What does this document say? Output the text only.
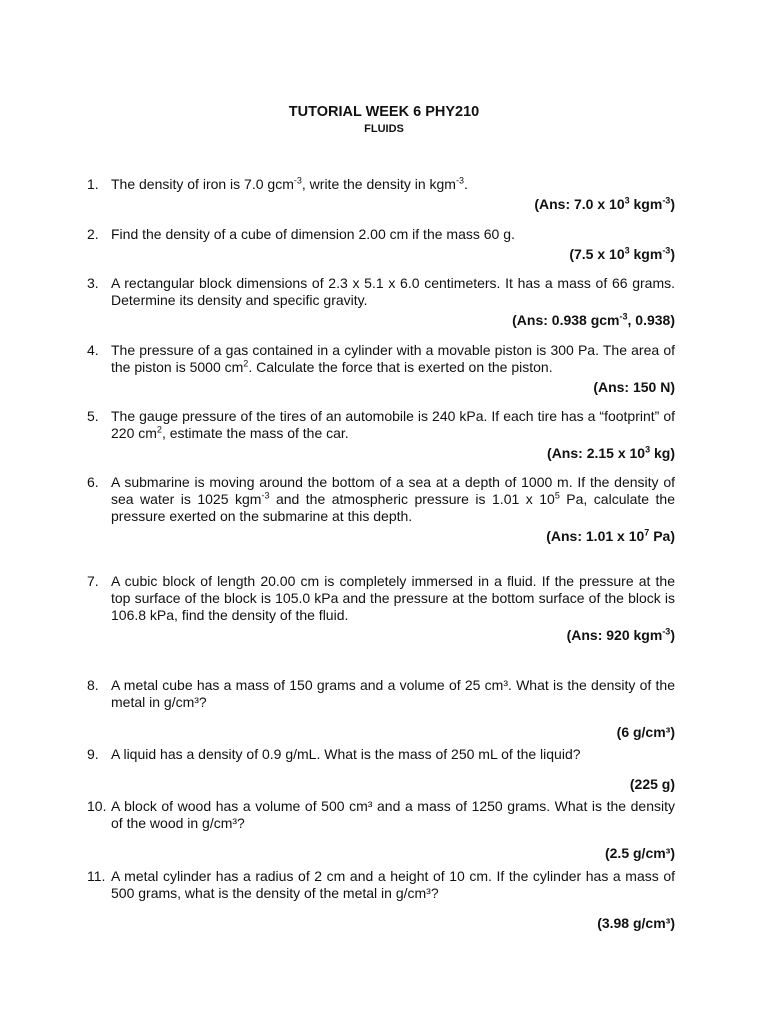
TUTORIAL WEEK 6 PHY210
FLUIDS
1. The density of iron is 7.0 gcm$^{-3}$, write the density in kgm$^{-3}$.
(Ans: 7.0 x $10^3$ kgm$^{-3}$)
2. Find the density of a cube of dimension 2.00 cm if the mass 60 g.
(7.5 x $10^3$ kgm$^{-3}$)
3. A rectangular block dimensions of 2.3 x 5.1 x 6.0 centimeters. It has a mass of 66 grams. Determine its density and specific gravity.
(Ans: 0.938 gcm$^{-3}$, 0.938)
4. The pressure of a gas contained in a cylinder with a movable piston is 300 Pa. The area of the piston is 5000 $cm^2$. Calculate the force that is exerted on the piston.
(Ans: 150 N)
5. The gauge pressure of the tires of an automobile is 240 kPa. If each tire has a “footprint” of 220 $cm^2$, estimate the mass of the car.
(Ans: 2.15 x $10^3$ kg)
6. A submarine is moving around the bottom of a sea at a depth of 1000 m. If the density of sea water is 1025 kgm$^{-3}$ and the atmospheric pressure is 1.01 x $10^5$ Pa, calculate the pressure exerted on the submarine at this depth.
(Ans: 1.01 x $10^7$ Pa)
7. A cubic block of length 20.00 cm is completely immersed in a fluid. If the pressure at the top surface of the block is 105.0 kPa and the pressure at the bottom surface of the block is 106.8 kPa, find the density of the fluid.
(Ans: 920 kgm$^{-3}$)
8. A metal cube has a mass of 150 grams and a volume of 25 cm³. What is the density of the metal in g/cm³?
(6 g/cm³)
9. A liquid has a density of 0.9 g/mL. What is the mass of 250 mL of the liquid?
(225 g)
10. A block of wood has a volume of 500 cm³ and a mass of 1250 grams. What is the density of the wood in g/cm³?
(2.5 g/cm³)
11. A metal cylinder has a radius of 2 cm and a height of 10 cm. If the cylinder has a mass of 500 grams, what is the density of the metal in g/cm³?
(3.98 g/cm³)
